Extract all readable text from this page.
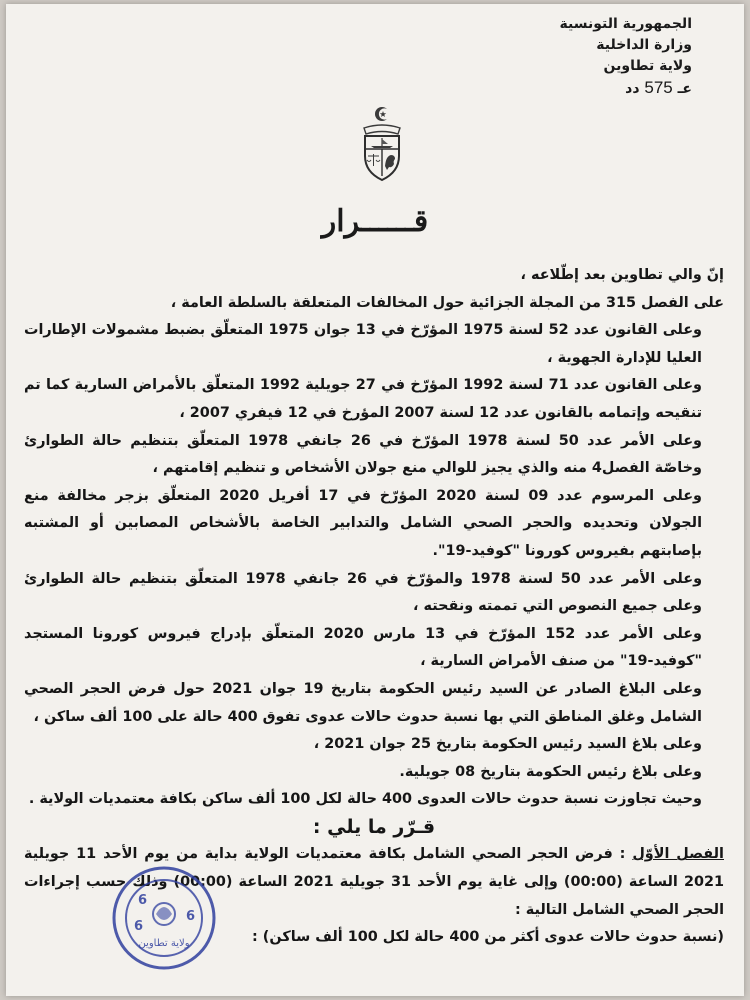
الجمهورية التونسية
وزارة الداخلية
ولاية تطاوين
عـ 575 دد
قــــــرار

إنّ والي تطاوين بعد إطّلاعه ،

على الفصل 315 من المجلة الجزائية حول المخالفات المتعلقة بالسلطة العامة ،

وعلى القانون عدد 52 لسنة 1975 المؤرّخ في 13 جوان 1975 المتعلّق بضبط مشمولات الإطارات العليا للإدارة الجهوية ،

وعلى القانون عدد 71 لسنة 1992 المؤرّخ في 27 جويلية 1992 المتعلّق بالأمراض السارية كما تم تنقيحه وإتمامه بالقانون عدد 12 لسنة 2007 المؤرخ في 12 فيفري 2007 ،

وعلى الأمر عدد 50 لسنة 1978 المؤرّخ في 26 جانفي 1978 المتعلّق بتنظيم حالة الطوارئ وخاصّة الفصل4 منه والذي يجيز للوالي منع جولان الأشخاص و تنظيم إقامتهم ،

وعلى المرسوم عدد 09 لسنة 2020 المؤرّخ في 17 أفريل 2020 المتعلّق بزجر مخالفة منع الجولان وتحديده والحجر الصحي الشامل والتدابير الخاصة بالأشخاص المصابين أو المشتبه بإصابتهم بفيروس كورونا "كوفيد-19".

وعلى الأمر عدد 50 لسنة 1978 والمؤرّخ في 26 جانفي 1978 المتعلّق بتنظيم حالة الطوارئ وعلى جميع النصوص التي تممته ونقحته ،

وعلى الأمر عدد 152 المؤرّخ في 13 مارس 2020 المتعلّق بإدراج فيروس كورونا المستجد "كوفيد-19" من صنف الأمراض السارية ،

وعلى البلاغ الصادر عن السيد رئيس الحكومة بتاريخ 19 جوان 2021 حول فرض الحجر الصحي الشامل وغلق المناطق التي بها نسبة حدوث حالات عدوى تفوق 400 حالة على 100 ألف ساكن ،

وعلى بلاغ السيد رئيس الحكومة بتاريخ 25 جوان 2021 ،

وعلى بلاغ رئيس الحكومة بتاريخ 08 جويلية.

وحيث تجاوزت نسبة حدوث حالات العدوى 400 حالة لكل 100 ألف ساكن بكافة معتمديات الولاية .

قـرّر ما يلي :

الفصل الأوّل : فرض الحجر الصحي الشامل بكافة معتمديات الولاية بداية من يوم الأحد 11 جويلية 2021 الساعة (00:00) وإلى غاية يوم الأحد 31 جويلية 2021 الساعة (00:00) وذلك حسب إجراءات الحجر الصحي الشامل التالية :

(نسبة حدوث حالات عدوى أكثر من 400 حالة لكل 100 ألف ساكن) :

ولاية تطاوين
6
6
6
